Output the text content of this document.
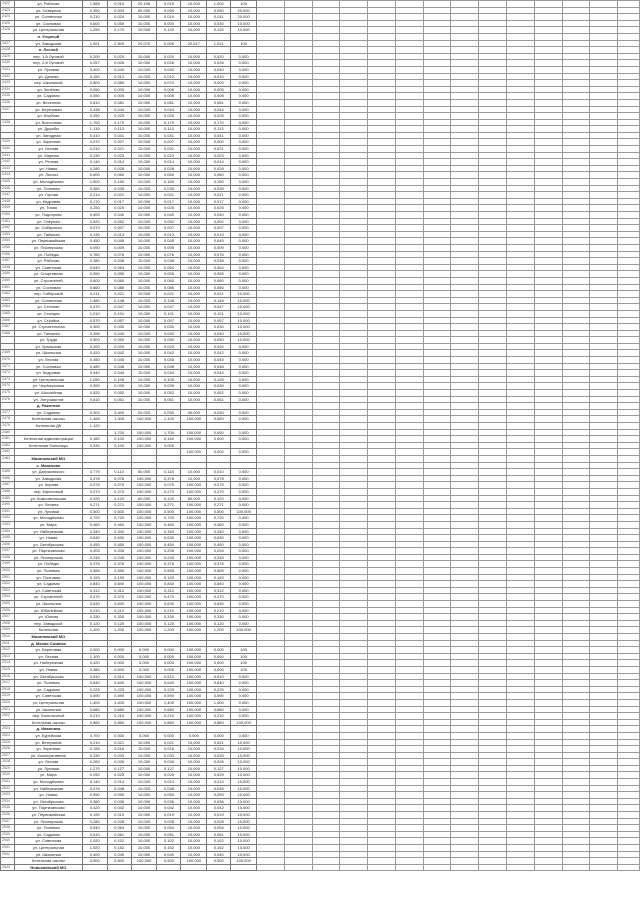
2422	ул. Рабочая	1,588	0,010	20,195	0,019	10,000	1,000	100														
2423	ул. Северная	0,350	0,003	50,000	0,059	10,000	0,050	20,000														
2424	ул. Солнечная	0,210	0,024	10,000	0,019	10,000	0,011	20,000														
2425	ул. Сосновая	0,600	0,050	10,000	0,000	10,000	0,030	10,000														
2426	ул. Центральная	1,250	0,170	10,000	0,120	10,000	0,120	10,000														
	п. Угорный																					
2427	ул. Заводская	1,921	2,509	20,070	0,006	20,617	1,021	100														
2428	п. Лесной																					
2429	пер. 1-й Луговой	0,200	0,020	10,000	0,020	10,000	0,020	0,000														
2430	пер. 2-й Луговой	0,257	0,026	10,000	0,026	10,000	0,026	0,000														
2431	ул. Луговая	0,400	0,040	10,000	0,040	10,000	0,040	0,000														
2432	ул. Дачная	0,150	0,012	10,000	0,010	10,000	0,010	0,000														
2433	пер. Школьный	0,800	0,080	10,000	0,074	10,000	0,000	0,000														
2434	ул. Зелёная	0,050	0,005	10,000	0,005	10,000	0,005	0,000														
2435	ул. Садовая	0,050	0,005	10,000	0,005	10,000	0,005	0,000														
2436	ул. Весенняя	0,810	0,081	10,000	0,081	10,000	0,081	0,000														
2437	ул. Берёзовая	0,438	0,044	10,000	0,044	10,000	0,044	0,000														
	ул. Клубная	0,250	0,025	10,000	0,025	10,000	0,025	0,000														
2438	ул. Восточная	1,700	0,170	10,000	0,170	10,000	0,170	0,000														
	ул. Дружбы	1,130	0,113	10,000	0,113	10,000	0,113	0,000														
	ул. Западная	0,410	0,041	10,000	0,041	10,000	0,041	0,000														
2439	ул. Заречная	0,070	0,007	10,000	0,007	10,000	0,000	0,000														
2440	ул. Лесная	0,210	0,021	10,000	0,021	10,000	0,021	0,000														
2441	ул. Мирная	0,230	0,023	10,000	0,023	10,000	0,023	0,000														
2442	ул. Речная	0,140	0,014	10,000	0,014	10,000	0,014	0,000														
2443	ул. Новая	0,280	0,028	10,000	0,028	10,000	0,028	0,000														
2444	ул. Лесхоз	0,600	0,060	10,000	0,060	10,000	0,060	0,000														
2445	ул. Молодёжная	1,500	0,150	10,000	0,150	10,000	0,150	0,000														
2446	ул. Полевая	0,350	0,035	10,000	0,035	10,000	0,035	0,000														
2447	ул. Горная	0,214	0,021	10,000	0,021	10,000	0,021	0,000														
2448	ул. Кедровая	0,170	0,017	10,000	0,017	10,000	0,017	0,000														
2449	ул. Тихая	0,250	0,025	10,000	0,025	10,000	0,025	0,000														
2450	ул. Подгорная	0,400	0,040	10,000	0,040	10,000	0,040	0,000														
2451	ул. Озёрная	0,520	0,052	10,000	0,052	10,000	0,052	0,000														
2452	ул. Сибирская	0,070	0,007	10,000	0,007	10,000	0,007	0,000														
2453	ул. Таёжная	0,130	0,013	10,000	0,013	10,000	0,013	0,000														
2454	ул. Первомайская	0,450	0,045	10,000	0,045	10,000	0,045	0,000														
2455	ул. Пионерская	0,090	0,009	10,000	0,009	10,000	0,009	0,000														
2456	ул. Победы	0,760	0,076	10,000	0,076	10,000	0,076	0,000														
2457	ул. Рабочая	0,380	0,038	10,000	0,038	10,000	0,038	0,000														
2458	ул. Советская	0,640	0,064	10,000	0,064	10,000	0,064	0,000														
2459	ул. Спортивная	0,550	0,055	10,000	0,055	10,000	0,055	0,000														
2460	ул. Строителей	0,600	0,060	10,000	0,060	10,000	0,060	0,000														
2461	ул. Сосновая	0,860	0,086	10,000	0,086	10,000	0,086	0,000														
2462	пер. Сибирский	0,211	0,021	10,000	0,021	10,000	0,021	10,000														
2463	ул. Солнечная	1,480	0,148	10,000	0,148	10,000	0,148	10,000														
2464	ул. Степная	0,470	0,047	10,000	0,047	10,000	0,047	10,000														
2465	ул. Станция	1,010	0,101	10,000	0,101	10,000	0,101	10,000														
2466	ул. Стройка	0,570	0,057	10,000	0,057	10,000	0,057	10,000														
2467	ул. Строительная	0,300	0,030	10,000	0,030	10,000	0,030	10,000														
2468	ул. Таёжная	0,396	0,040	10,000	0,040	10,000	0,040	10,000														
	ул. Труда	0,500	0,050	10,000	0,050	10,000	0,050	10,000														
	ул. Уральская	0,200	0,020	10,000	0,020	10,000	0,020	0,000														
2469	ул. Школьная	0,420	0,042	10,000	0,042	10,000	0,042	0,000														
2470	ул. Лесная	0,450	0,045	10,000	0,045	10,000	0,045	0,000														
2471	ул. Сосновая	0,480	0,048	10,000	0,048	10,000	0,048	0,000														
2472	ул. Кедровая	0,440	0,044	10,000	0,044	10,000	0,044	0,000														
2473	ул. Центральная	1,050	0,105	10,000	0,105	10,000	0,105	0,000														
2474	ул. Черёмуховая	0,390	0,039	10,000	0,039	10,000	0,039	0,000														
2475	ул. Шоссейная	0,520	0,052	10,000	0,052	10,000	0,052	0,000														
2476	ул. Энтузиастов	0,610	0,061	10,000	0,061	10,000	0,061	0,000														
	д. Ракитная																					
2477	ул. Садовая	0,302	3,400	20,000	0,050	40,000	0,030	0,000														
2478	Котельная школы	1,466	1,300	100,000	1,100	100,000	0,060	0,000														
2479	Котельная ДК	1,120																				
2480			1,700	100,000	1,700	100,000	0,000	0,000														
2481	Котельная администрации	0,160	0,100	100,000	0,160	100,000	0,000	0,000														
2482	Котельная больницы	0,530	0,100	100,000	0,000																	
2483						100,000	0,000	0,000														
2484	Мазановский МО																					
	с. Мазаново																					
2485	ул. Дзержинского	0,779	0,110	50,000	0,118	10,000	0,010	0,000														
2486	ул. Заводская	0,378	0,078	100,000	0,378	10,000	0,078	0,000														
2487	ул. Кирова	0,075	0,075	100,000	0,075	100,000	0,075	0,000														
2488	пер. Кирпичный	0,270	0,270	100,000	0,270	100,000	0,270	0,000														
2489	ул. Комсомольская	0,320	0,120	60,000	0,120	60,000	0,120	0,000														
2490	ул. Ленина	0,271	0,271	100,000	0,271	100,000	0,271	0,000														
2491	ул. Луговая	0,500	0,500	100,000	0,500	100,000	0,500	100,000														
2492	ул. Молодёжная	0,720	0,720	100,000	0,720	100,000	0,720	0,000														
2493	ул. Мира	0,460	0,460	100,000	0,460	100,000	0,460	0,000														
2494	ул. Набережная	0,340	0,340	100,000	0,340	100,000	0,340	0,000														
2495	ул. Новая	0,630	0,630	100,000	0,630	100,000	0,630	0,000														
2496	ул. Октябрьская	0,450	0,450	100,000	0,450	100,000	0,450	0,000														
2497	ул. Партизанская	0,205	0,205	100,000	0,205	100,000	0,205	0,000														
2498	ул. Пионерская	0,245	0,245	100,000	0,245	100,000	0,245	0,000														
2499	ул. Победы	0,376	0,376	100,000	0,376	100,000	0,376	0,000														
2500	ул. Полевая	0,555	0,555	100,000	0,555	100,000	0,555	0,000														
2501	ул. Почтовая	0,193	0,193	100,000	0,193	100,000	0,193	0,000														
2502	ул. Садовая	0,840	0,840	100,000	0,840	100,000	0,840	0,000														
2503	ул. Советская	0,312	0,312	100,000	0,312	100,000	0,312	0,000														
2504	ул. Строителей	0,470	0,470	100,000	0,470	100,000	0,470	0,000														
2505	ул. Школьная	0,630	0,630	100,000	0,630	100,000	0,630	0,000														
2506	ул. Юбилейная	0,210	0,210	100,000	0,210	100,000	0,210	0,000														
2507	ул. Южная	0,330	0,330	100,000	0,330	100,000	0,330	0,000														
2508	пер. Заводской	0,120	0,120	100,000	0,120	100,000	0,120	0,000														
2509	Котельная	1,200	1,200	100,000	1,200	100,000	1,200	100,000														
2510	Мазановский МО																					
2511	д. Малая Сазанка																					
2512	ул. Береговая	2,000	0,000	0,000	0,000	100,000	0,000	100														
2513	ул. Лесная	1,100	0,000	0,000	0,000	100,000	0,000	100														
2514	ул. Набережная	0,420	0,000	0,000	0,000	100,000	0,000	100														
2515	ул. Новая	0,380	0,000	0,000	0,000	100,000	0,000	100														
2516	ул. Октябрьская	0,510	0,510	100,000	0,510	100,000	0,510	0,000														
2517	ул. Полевая	0,640	0,640	100,000	0,640	100,000	0,640	0,000														
2518	ул. Садовая	0,225	0,225	100,000	0,225	100,000	0,225	0,000														
2519	ул. Советская	0,590	0,590	100,000	0,590	100,000	0,590	0,000														
2520	ул. Центральная	1,400	1,400	100,000	1,400	100,000	1,400	0,000														
2521	ул. Школьная	0,680	0,680	100,000	0,680	100,000	0,680	0,000														
2522	пер. Больничный	0,210	0,210	100,000	0,210	100,000	0,210	0,000														
	Котельная школы	0,860	0,860	100,000	0,860	100,000	0,860	100,000														
2523	д. Ивановка																					
2524	ул. Бурейская	0,700	0,000	0,000	0,000	0,000	0,000	0,000														
2525	ул. Ветеранов	0,210	0,021	10,000	0,021	10,000	0,021	10,000														
2526	ул. Заречная	0,155	0,016	10,000	0,016	10,000	0,016	10,000														
2527	ул. Кооперативная	0,330	0,033	10,000	0,033	10,000	0,033	10,000														
2528	ул. Лесная	0,260	0,026	10,000	0,026	10,000	0,026	10,000														
2529	ул. Луговая	1,270	0,127	10,000	0,127	10,000	0,127	10,000														
2530	ул. Мира	0,250	0,025	10,000	0,025	10,000	0,025	10,000														
2531	ул. Молодёжная	0,140	0,014	10,000	0,014	10,000	0,014	10,000														
2532	ул. Набережная	0,475	0,048	10,000	0,048	10,000	0,048	10,000														
2533	ул. Новая	0,590	0,059	10,000	0,059	10,000	0,059	10,000														
2534	ул. Октябрьская	0,360	0,036	10,000	0,036	10,000	0,036	10,000														
2535	ул. Партизанская	0,420	0,042	10,000	0,042	10,000	0,042	10,000														
2536	ул. Первомайская	0,190	0,019	10,000	0,019	10,000	0,019	10,000														
2537	ул. Пионерская	0,280	0,028	10,000	0,028	10,000	0,028	10,000														
2538	ул. Полевая	0,540	0,054	10,000	0,054	10,000	0,054	10,000														
2539	ул. Садовая	0,610	0,061	10,000	0,061	10,000	0,061	10,000														
2540	ул. Советская	1,020	0,102	10,000	0,102	10,000	0,102	10,000														
2541	ул. Центральная	1,520	0,152	10,000	0,152	10,000	0,152	10,000														
2542	ул. Школьная	0,400	0,040	10,000	0,040	10,000	0,040	10,000														
	Котельная школы	0,500	0,500	100,000	0,500	100,000	0,500	100,000														
2543	Новокиевский МО																					
